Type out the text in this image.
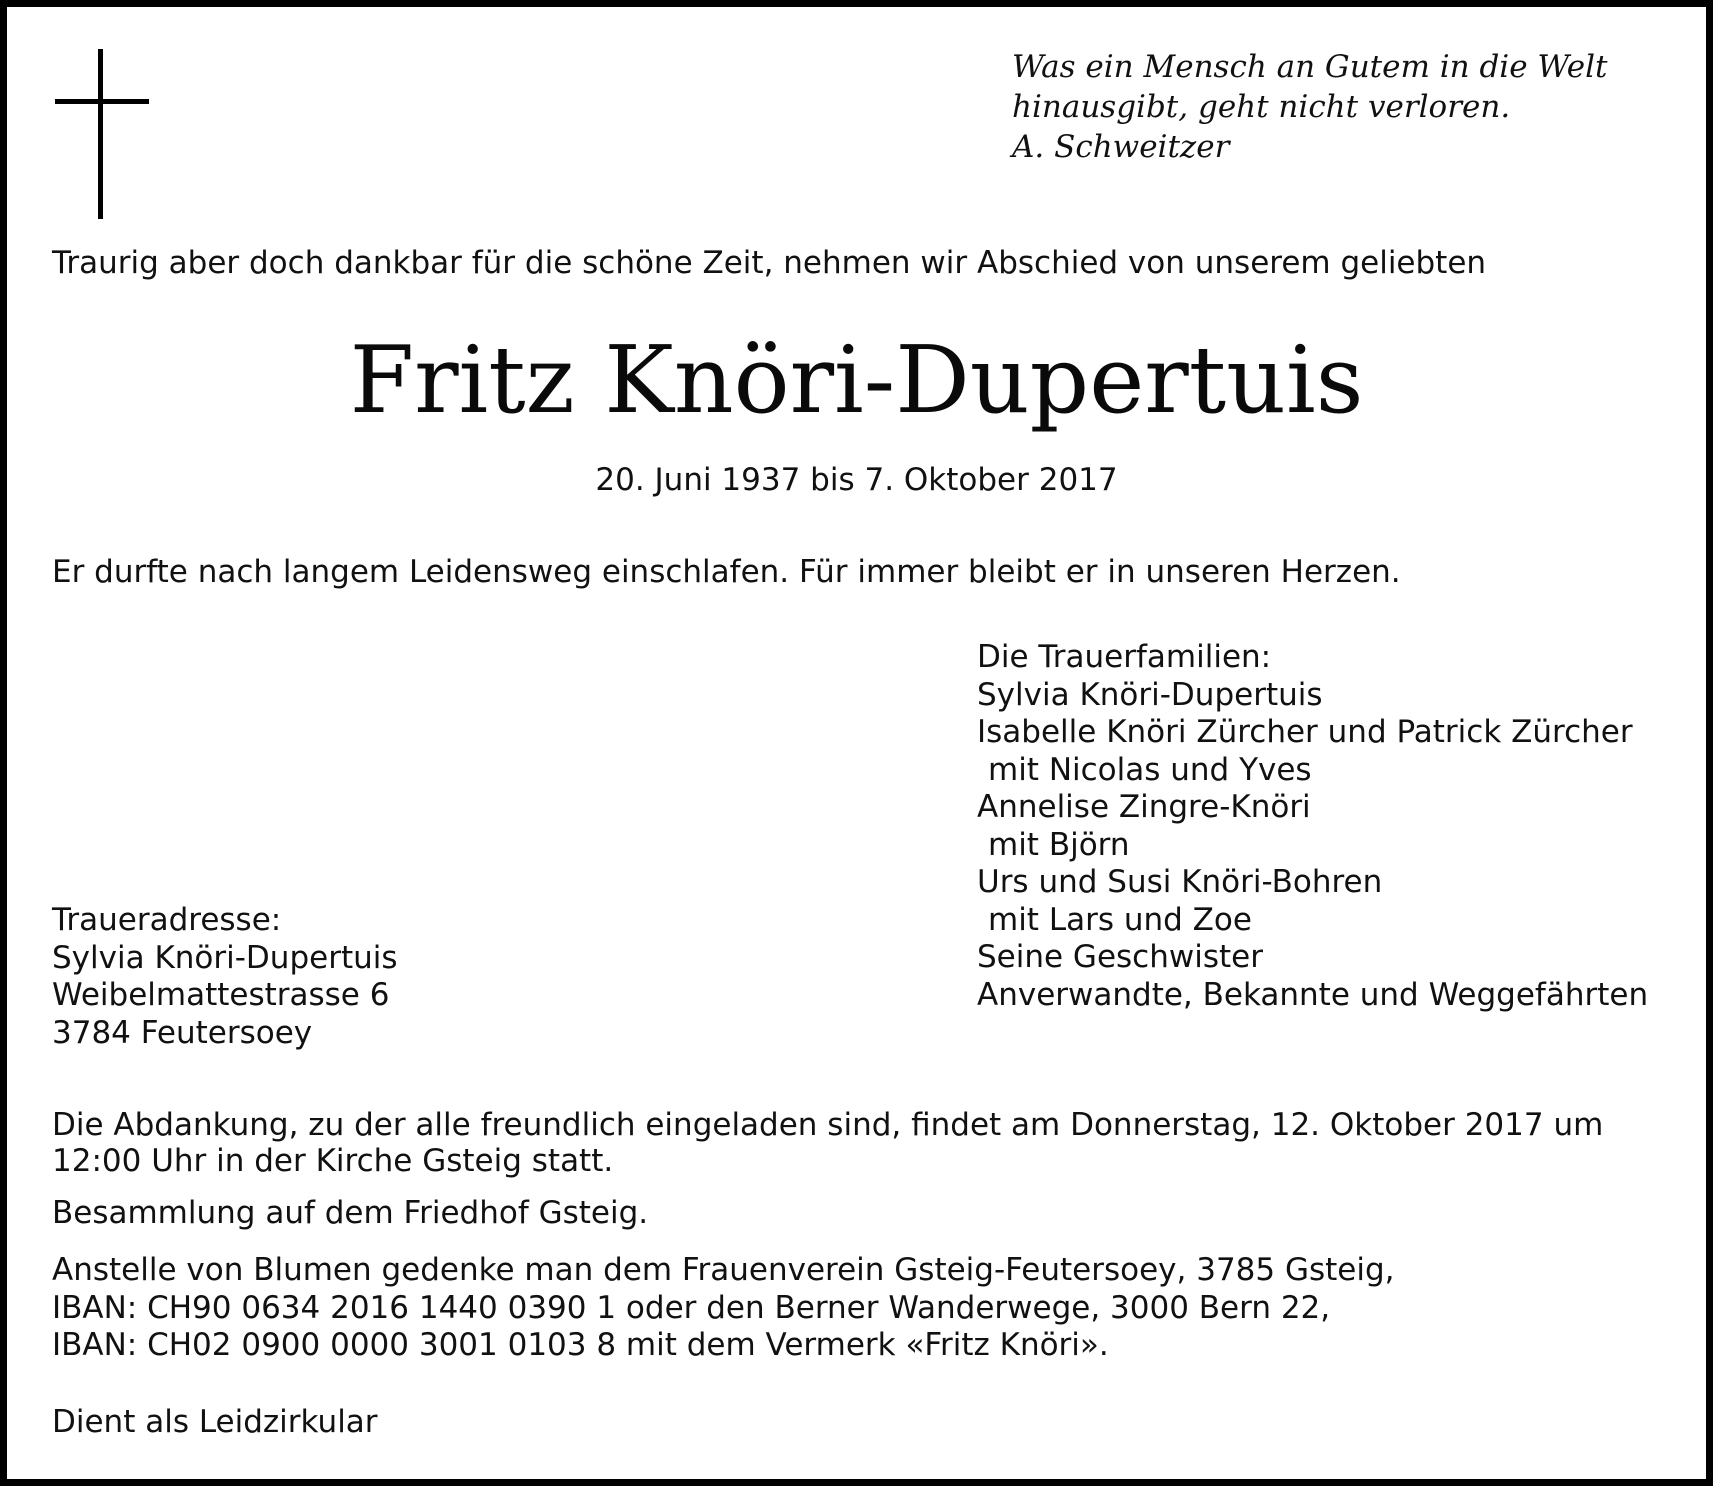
Was ein Mensch an Gutem in die Welt
hinausgibt, geht nicht verloren.
A. Schweitzer
Traurig aber doch dankbar für die schöne Zeit, nehmen wir Abschied von unserem geliebten
Fritz Knöri-Dupertuis
20. Juni 1937 bis 7. Oktober 2017
Er durfte nach langem Leidensweg einschlafen. Für immer bleibt er in unseren Herzen.
Die Trauerfamilien:
Sylvia Knöri-Dupertuis
Isabelle Knöri Zürcher und Patrick Zürcher
mit Nicolas und Yves
Annelise Zingre-Knöri
mit Björn
Urs und Susi Knöri-Bohren
mit Lars und Zoe
Seine Geschwister
Anverwandte, Bekannte und Weggefährten
Traueradresse:
Sylvia Knöri-Dupertuis
Weibelmattestrasse 6
3784 Feutersoey
Die Abdankung, zu der alle freundlich eingeladen sind, findet am Donnerstag, 12. Oktober 2017 um
12:00 Uhr in der Kirche Gsteig statt.
Besammlung auf dem Friedhof Gsteig.
Anstelle von Blumen gedenke man dem Frauenverein Gsteig-Feutersoey, 3785 Gsteig,
IBAN: CH90 0634 2016 1440 0390 1 oder den Berner Wanderwege, 3000 Bern 22,
IBAN: CH02 0900 0000 3001 0103 8 mit dem Vermerk «Fritz Knöri».
Dient als Leidzirkular
